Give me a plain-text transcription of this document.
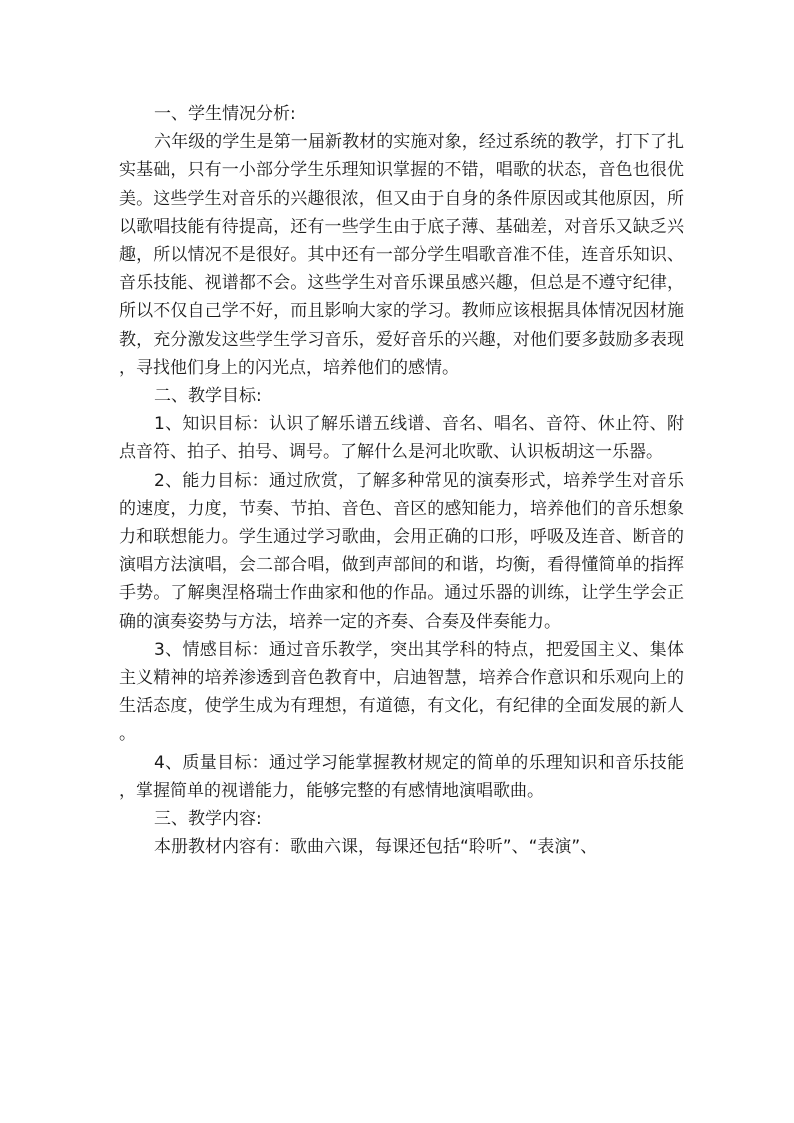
一、学生情况分析:

六年级的学生是第一届新教材的实施对象，经过系统的教学，打下了扎实基础，只有一小部分学生乐理知识掌握的不错，唱歌的状态，音色也很优美。这些学生对音乐的兴趣很浓，但又由于自身的条件原因或其他原因，所以歌唱技能有待提高，还有一些学生由于底子薄、基础差，对音乐又缺乏兴趣，所以情况不是很好。其中还有一部分学生唱歌音准不佳，连音乐知识、音乐技能、视谱都不会。这些学生对音乐课虽感兴趣，但总是不遵守纪律，所以不仅自己学不好，而且影响大家的学习。教师应该根据具体情况因材施教，充分激发这些学生学习音乐，爱好音乐的兴趣，对他们要多鼓励多表现，寻找他们身上的闪光点，培养他们的感情。

二、教学目标:

1、知识目标：认识了解乐谱五线谱、音名、唱名、音符、休止符、附点音符、拍子、拍号、调号。了解什么是河北吹歌、认识板胡这一乐器。

2、能力目标：通过欣赏，了解多种常见的演奏形式，培养学生对音乐的速度，力度，节奏、节拍、音色、音区的感知能力，培养他们的音乐想象力和联想能力。学生通过学习歌曲，会用正确的口形，呼吸及连音、断音的演唱方法演唱，会二部合唱，做到声部间的和谐，均衡，看得懂简单的指挥手势。了解奥涅格瑞士作曲家和他的作品。通过乐器的训练，让学生学会正确的演奏姿势与方法，培养一定的齐奏、合奏及伴奏能力。

3、情感目标：通过音乐教学，突出其学科的特点，把爱国主义、集体主义精神的培养渗透到音色教育中，启迪智慧，培养合作意识和乐观向上的生活态度，使学生成为有理想，有道德，有文化，有纪律的全面发展的新人。

4、质量目标：通过学习能掌握教材规定的简单的乐理知识和音乐技能，掌握简单的视谱能力，能够完整的有感情地演唱歌曲。

三、教学内容:

本册教材内容有：歌曲六课，每课还包括“聆听”、“表演”、
